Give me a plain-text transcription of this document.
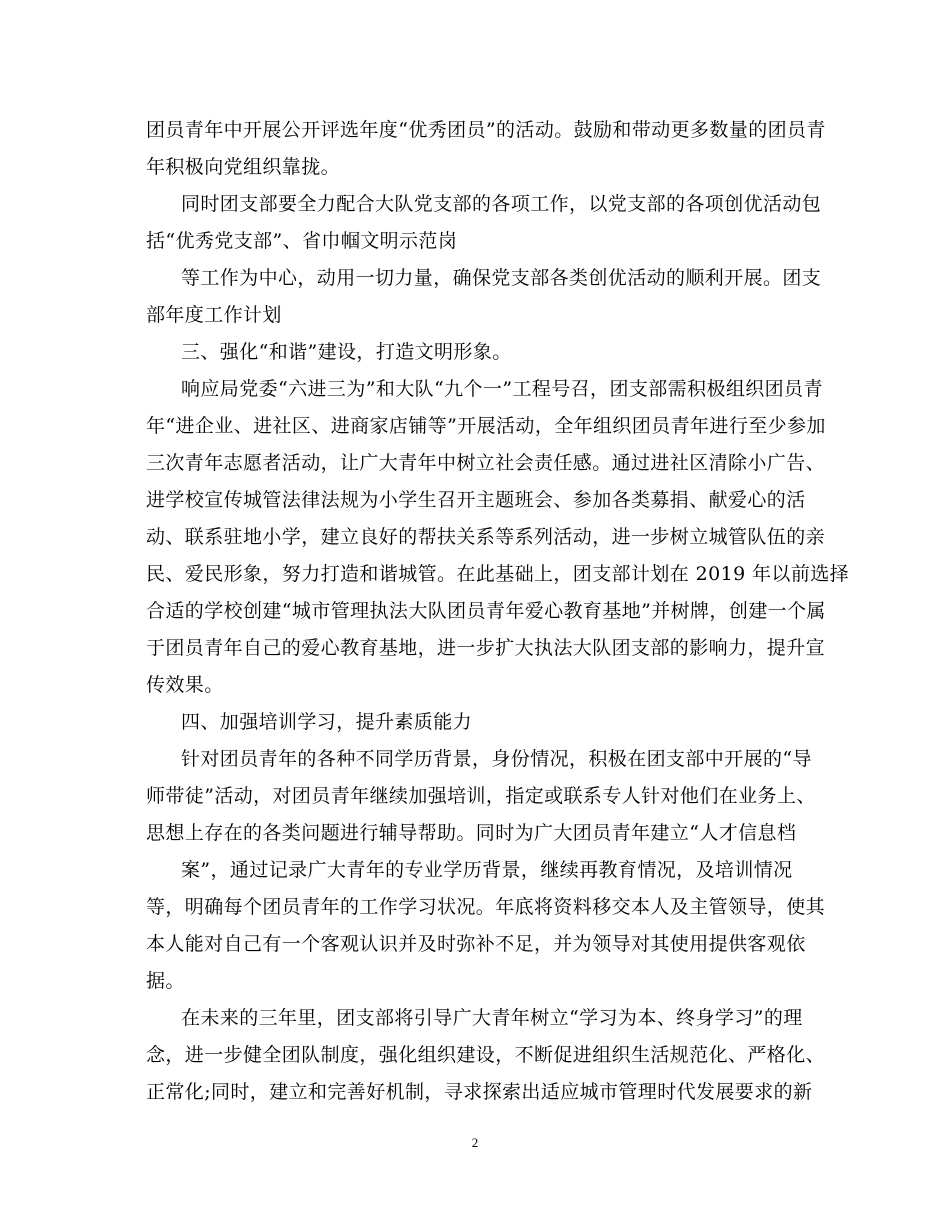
团员青年中开展公开评选年度“优秀团员”的活动。鼓励和带动更多数量的团员青
年积极向党组织靠拢。
同时团支部要全力配合大队党支部的各项工作，以党支部的各项创优活动包
括“优秀党支部”、省巾帼文明示范岗
等工作为中心，动用一切力量，确保党支部各类创优活动的顺利开展。团支
部年度工作计划
三、强化“和谐”建设，打造文明形象。
响应局党委“六进三为”和大队“九个一”工程号召，团支部需积极组织团员青
年“进企业、进社区、进商家店铺等”开展活动，全年组织团员青年进行至少参加
三次青年志愿者活动，让广大青年中树立社会责任感。通过进社区清除小广告、
进学校宣传城管法律法规为小学生召开主题班会、参加各类募捐、献爱心的活
动、联系驻地小学，建立良好的帮扶关系等系列活动，进一步树立城管队伍的亲
民、爱民形象，努力打造和谐城管。在此基础上，团支部计划在 2019 年以前选择
合适的学校创建“城市管理执法大队团员青年爱心教育基地”并树牌，创建一个属
于团员青年自己的爱心教育基地，进一步扩大执法大队团支部的影响力，提升宣
传效果。
四、加强培训学习，提升素质能力
针对团员青年的各种不同学历背景，身份情况，积极在团支部中开展的“导
师带徒”活动，对团员青年继续加强培训，指定或联系专人针对他们在业务上、
思想上存在的各类问题进行辅导帮助。同时为广大团员青年建立“人才信息档
案”，通过记录广大青年的专业学历背景，继续再教育情况，及培训情况
等，明确每个团员青年的工作学习状况。年底将资料移交本人及主管领导，使其
本人能对自己有一个客观认识并及时弥补不足，并为领导对其使用提供客观依
据。
在未来的三年里，团支部将引导广大青年树立“学习为本、终身学习”的理
念，进一步健全团队制度，强化组织建设，不断促进组织生活规范化、严格化、
正常化;同时，建立和完善好机制，寻求探索出适应城市管理时代发展要求的新
2
